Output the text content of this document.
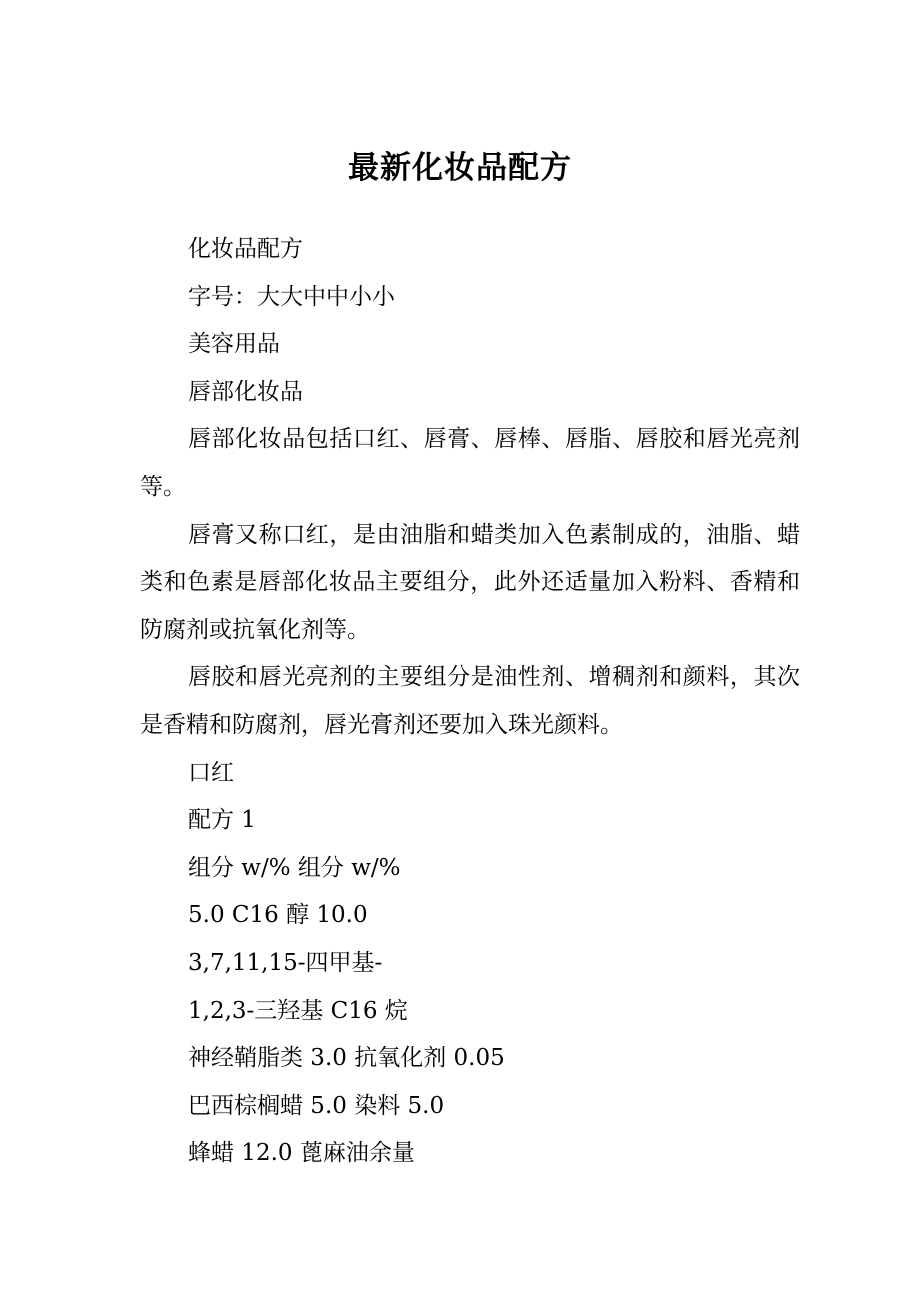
最新化妆品配方

化妆品配方

字号：大大中中小小

美容用品

唇部化妆品

唇部化妆品包括口红、唇膏、唇棒、唇脂、唇胶和唇光亮剂等。

唇膏又称口红，是由油脂和蜡类加入色素制成的，油脂、蜡类和色素是唇部化妆品主要组分，此外还适量加入粉料、香精和防腐剂或抗氧化剂等。

唇胶和唇光亮剂的主要组分是油性剂、增稠剂和颜料，其次是香精和防腐剂，唇光膏剂还要加入珠光颜料。

口红

配方 1

组分 w/% 组分 w/%

5.0 C16 醇 10.0

3,7,11,15-四甲基-

1,2,3-三羟基 C16 烷

神经鞘脂类 3.0 抗氧化剂 0.05

巴西棕榈蜡 5.0 染料 5.0

蜂蜡 12.0 蓖麻油余量
